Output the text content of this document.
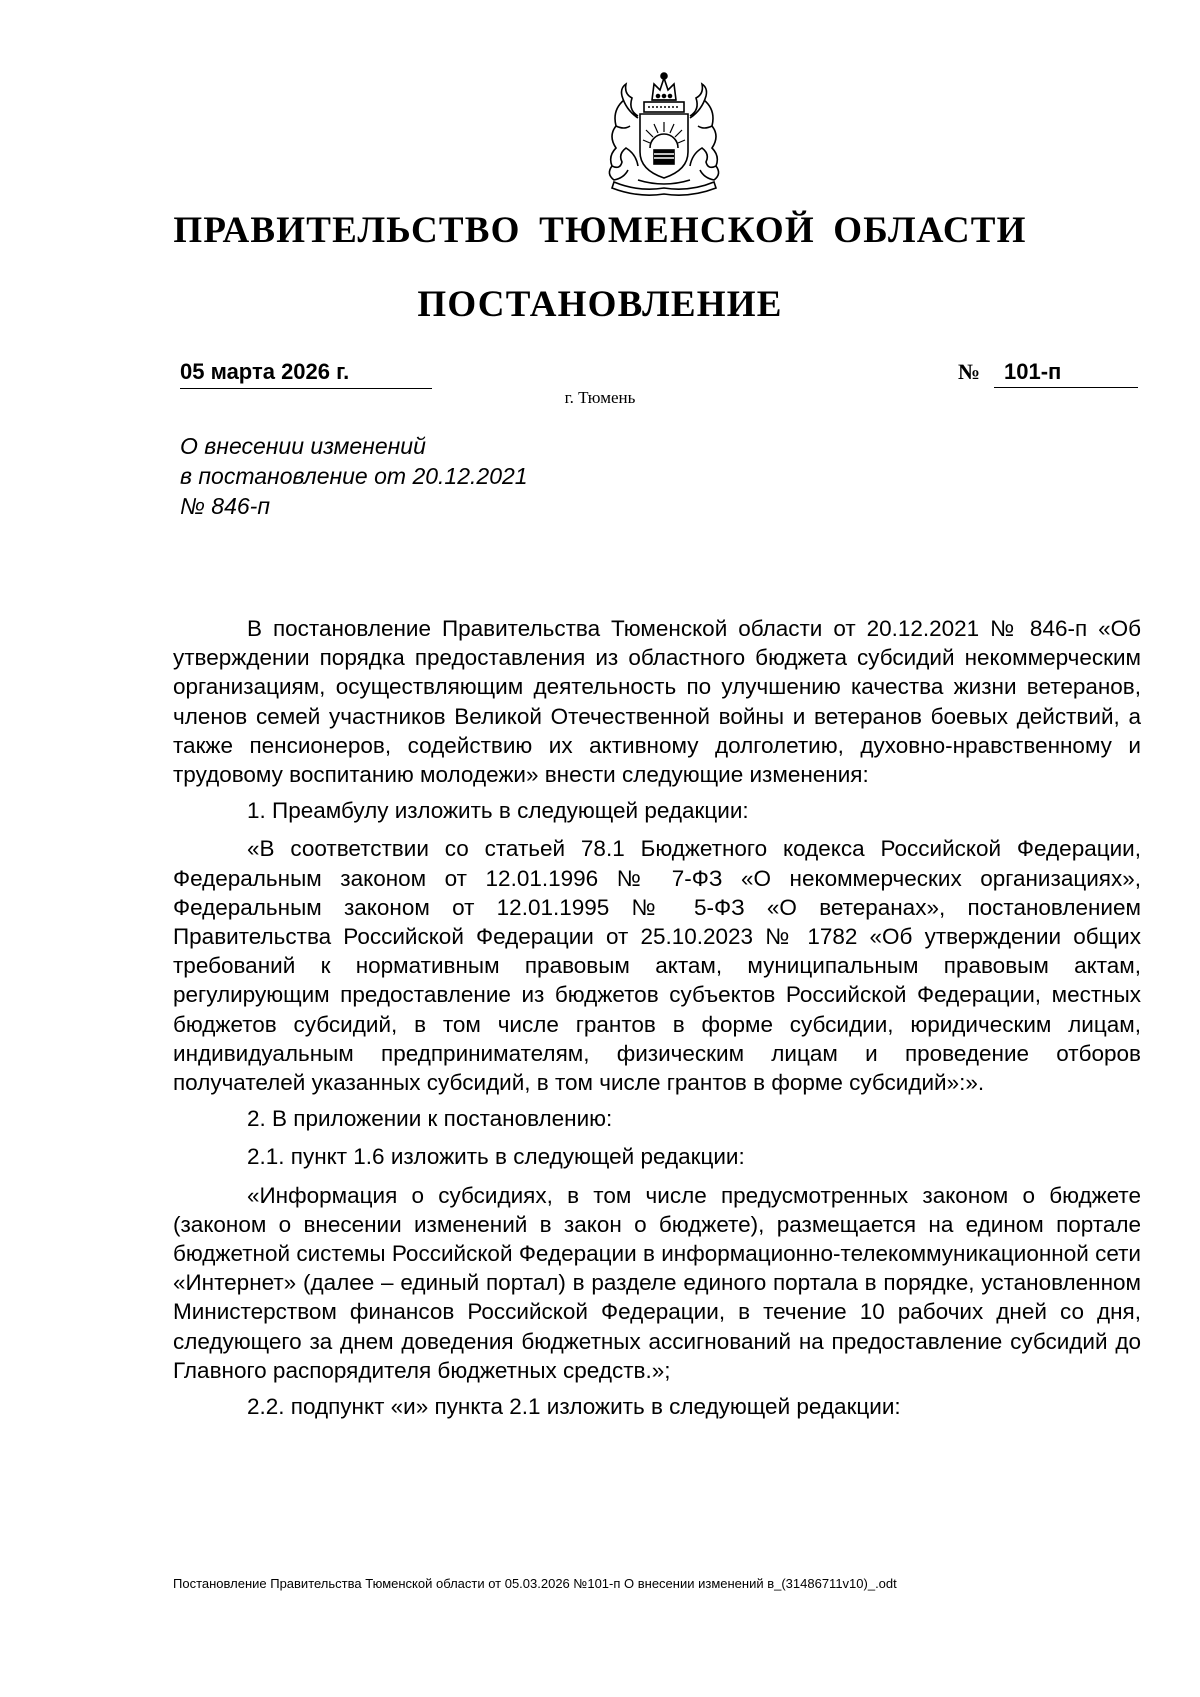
ПРАВИТЕЛЬСТВО ТЮМЕНСКОЙ ОБЛАСТИ
ПОСТАНОВЛЕНИЕ
05 марта 2026 г.	№	101-п
г. Тюмень
О внесении изменений
в постановление от 20.12.2021
№ 846-п

В постановление Правительства Тюменской области от 20.12.2021 № 846-п «Об утверждении порядка предоставления из областного бюджета субсидий некоммерческим организациям, осуществляющим деятельность по улучшению качества жизни ветеранов, членов семей участников Великой Отечественной войны и ветеранов боевых действий, а также пенсионеров, содействию их активному долголетию, духовно-нравственному и трудовому воспитанию молодежи» внести следующие изменения:

1. Преамбулу изложить в следующей редакции:

«В соответствии со статьей 78.1 Бюджетного кодекса Российской Федерации, Федеральным законом от 12.01.1996 № 7-ФЗ «О некоммерческих организациях», Федеральным законом от 12.01.1995 № 5-ФЗ «О ветеранах», постановлением Правительства Российской Федерации от 25.10.2023 № 1782 «Об утверждении общих требований к нормативным правовым актам, муниципальным правовым актам, регулирующим предоставление из бюджетов субъектов Российской Федерации, местных бюджетов субсидий, в том числе грантов в форме субсидии, юридическим лицам, индивидуальным предпринимателям, физическим лицам и проведение отборов получателей указанных субсидий, в том числе грантов в форме субсидий»:».

2. В приложении к постановлению:

2.1. пункт 1.6 изложить в следующей редакции:

«Информация о субсидиях, в том числе предусмотренных законом о бюджете (законом о внесении изменений в закон о бюджете), размещается на едином портале бюджетной системы Российской Федерации в информационно-телекоммуникационной сети «Интернет» (далее – единый портал) в разделе единого портала в порядке, установленном Министерством финансов Российской Федерации, в течение 10 рабочих дней со дня, следующего за днем доведения бюджетных ассигнований на предоставление субсидий до Главного распорядителя бюджетных средств.»;

2.2. подпункт «и» пункта 2.1 изложить в следующей редакции:

Постановление Правительства Тюменской области от 05.03.2026 №101-п О внесении изменений в_(31486711v10)_.odt
